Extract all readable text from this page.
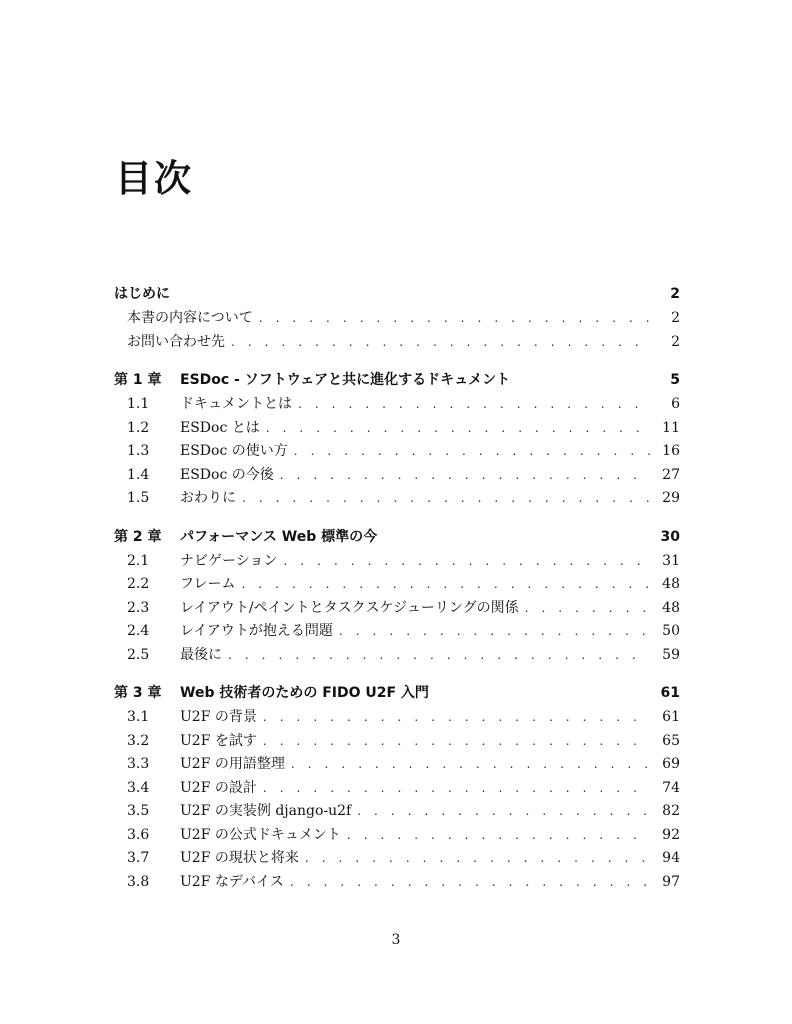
目次
はじめに	2
本書の内容について . . .	2
お問い合わせ先 . . .	2
第 1 章	ESDoc - ソフトウェアと共に進化するドキュメント	5
1.1	ドキュメントとは . . .	6
1.2	ESDoc とは . . .	11
1.3	ESDoc の使い方 . . .	16
1.4	ESDoc の今後 . . .	27
1.5	おわりに . . .	29
第 2 章	パフォーマンス Web 標準の今	30
2.1	ナビゲーション . . .	31
2.2	フレーム . . .	48
2.3	レイアウト/ペイントとタスクスケジューリングの関係 . . .	48
2.4	レイアウトが抱える問題 . . .	50
2.5	最後に . . .	59
第 3 章	Web 技術者のための FIDO U2F 入門	61
3.1	U2F の背景 . . .	61
3.2	U2F を試す . . .	65
3.3	U2F の用語整理 . . .	69
3.4	U2F の設計 . . .	74
3.5	U2F の実装例 django-u2f . . .	82
3.6	U2F の公式ドキュメント . . .	92
3.7	U2F の現状と将来 . . .	94
3.8	U2F なデバイス . . .	97
3
